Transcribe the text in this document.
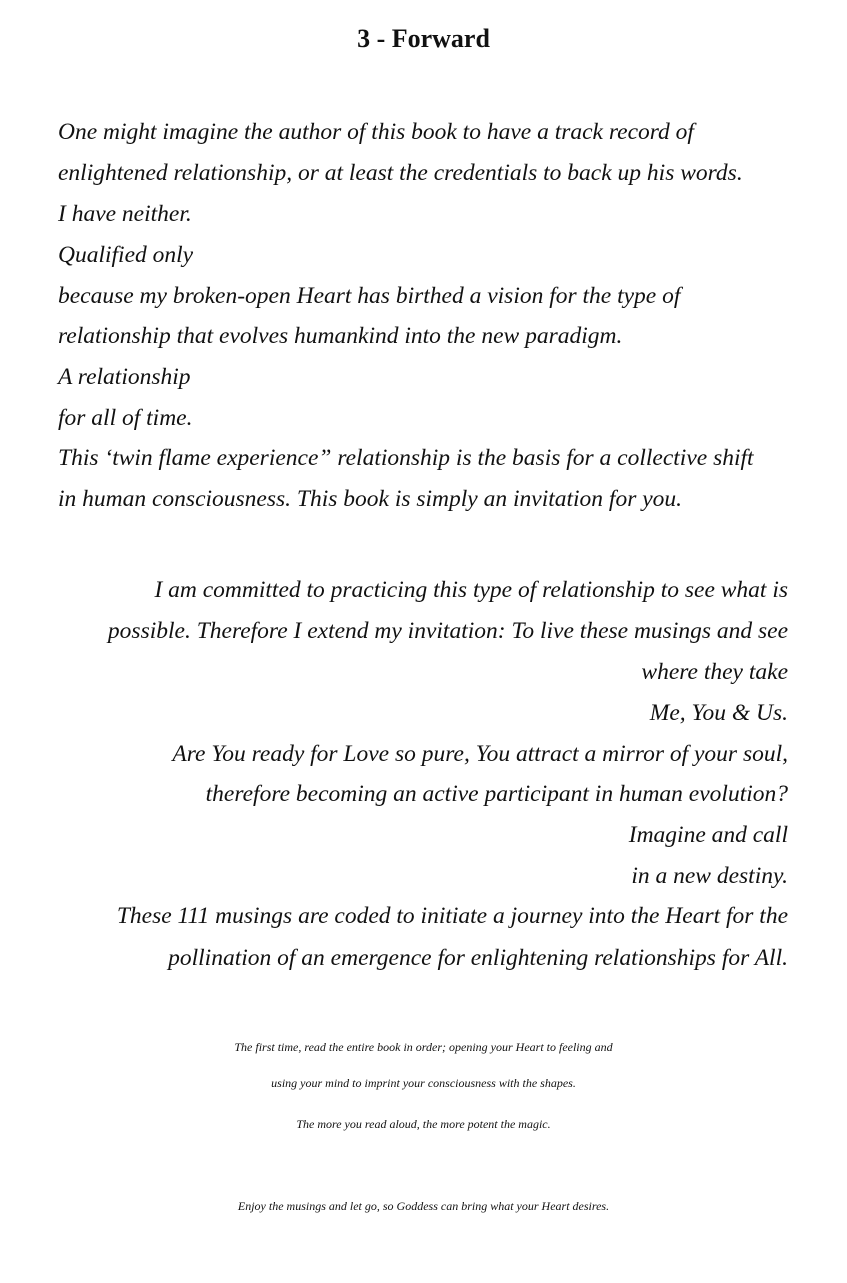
3 - Forward
One might imagine the author of this book to have a track record of
enlightened relationship, or at least the credentials to back up his words.
I have neither.
Qualified only
because my broken-open Heart has birthed a vision for the type of
relationship that evolves humankind into the new paradigm.
A relationship
for all of time.
This ‘twin flame experience” relationship is the basis for a collective shift
in human consciousness. This book is simply an invitation for you.
I am committed to practicing this type of relationship to see what is
possible. Therefore I extend my invitation: To live these musings and see
where they take
Me, You & Us.
Are You ready for Love so pure, You attract a mirror of your soul,
therefore becoming an active participant in human evolution?
Imagine and call
in a new destiny.
These 111 musings are coded to initiate a journey into the Heart for the
pollination of an emergence for enlightening relationships for All.
The first time, read the entire book in order; opening your Heart to feeling and
using your mind to imprint your consciousness with the shapes.
The more you read aloud, the more potent the magic.
Enjoy the musings and let go, so Goddess can bring what your Heart desires.
